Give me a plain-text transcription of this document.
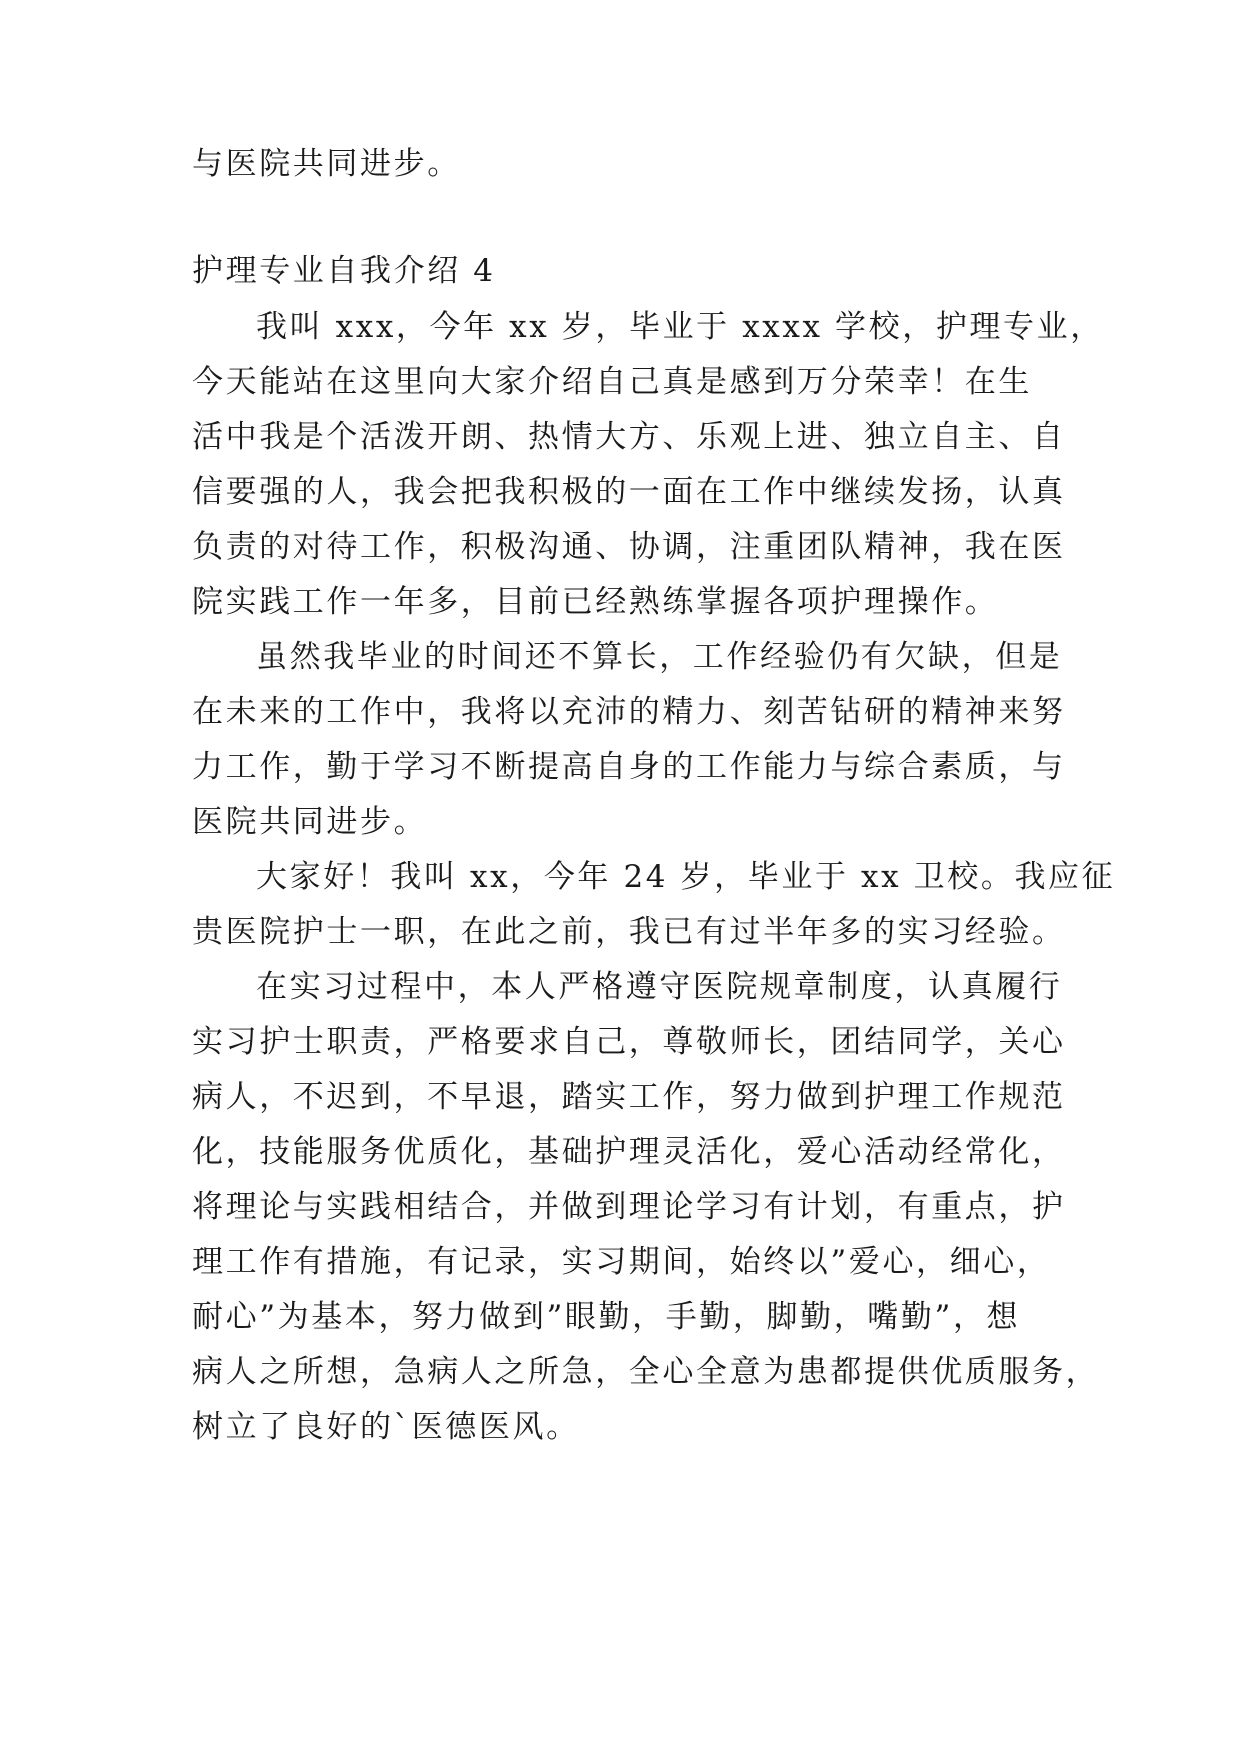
与医院共同进步。
护理专业自我介绍 4
我叫 xxx，今年 xx 岁，毕业于 xxxx 学校，护理专业，
今天能站在这里向大家介绍自己真是感到万分荣幸！在生
活中我是个活泼开朗、热情大方、乐观上进、独立自主、自
信要强的人，我会把我积极的一面在工作中继续发扬，认真
负责的对待工作，积极沟通、协调，注重团队精神，我在医
院实践工作一年多，目前已经熟练掌握各项护理操作。
虽然我毕业的时间还不算长，工作经验仍有欠缺，但是
在未来的工作中，我将以充沛的精力、刻苦钻研的精神来努
力工作，勤于学习不断提高自身的工作能力与综合素质，与
医院共同进步。
大家好！我叫 xx，今年 24 岁，毕业于 xx 卫校。我应征
贵医院护士一职，在此之前，我已有过半年多的实习经验。
在实习过程中，本人严格遵守医院规章制度，认真履行
实习护士职责，严格要求自己，尊敬师长，团结同学，关心
病人，不迟到，不早退，踏实工作，努力做到护理工作规范
化，技能服务优质化，基础护理灵活化，爱心活动经常化，
将理论与实践相结合，并做到理论学习有计划，有重点，护
理工作有措施，有记录，实习期间，始终以”爱心，细心，
耐心”为基本，努力做到”眼勤，手勤，脚勤，嘴勤”，想
病人之所想，急病人之所急，全心全意为患都提供优质服务，
树立了良好的`医德医风。
